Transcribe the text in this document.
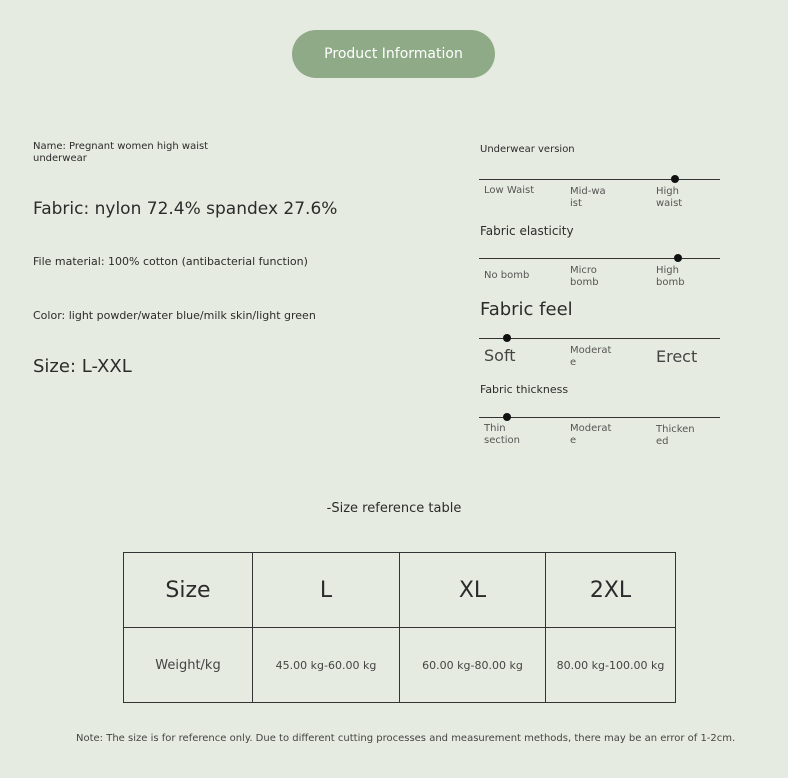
Product Information
Name: Pregnant women high waist underwear
Fabric: nylon 72.4% spandex 27.6%
File material: 100% cotton (antibacterial function)
Color: light powder/water blue/milk skin/light green
Size: L-XXL
Underwear version
Low Waist	Mid-waist
High waist
Fabric elasticity
No bomb	Micro bomb
High bomb
Fabric feel
Soft	Moderate	Erect
Fabric thickness
Thin section
Moderate
Thickened
-Size reference table
Size	L	XL	2XL
Weight/kg	45.00 kg-60.00 kg	60.00 kg-80.00 kg	80.00 kg-100.00 kg
Note: The size is for reference only. Due to different cutting processes and measurement methods, there may be an error of 1-2cm.
